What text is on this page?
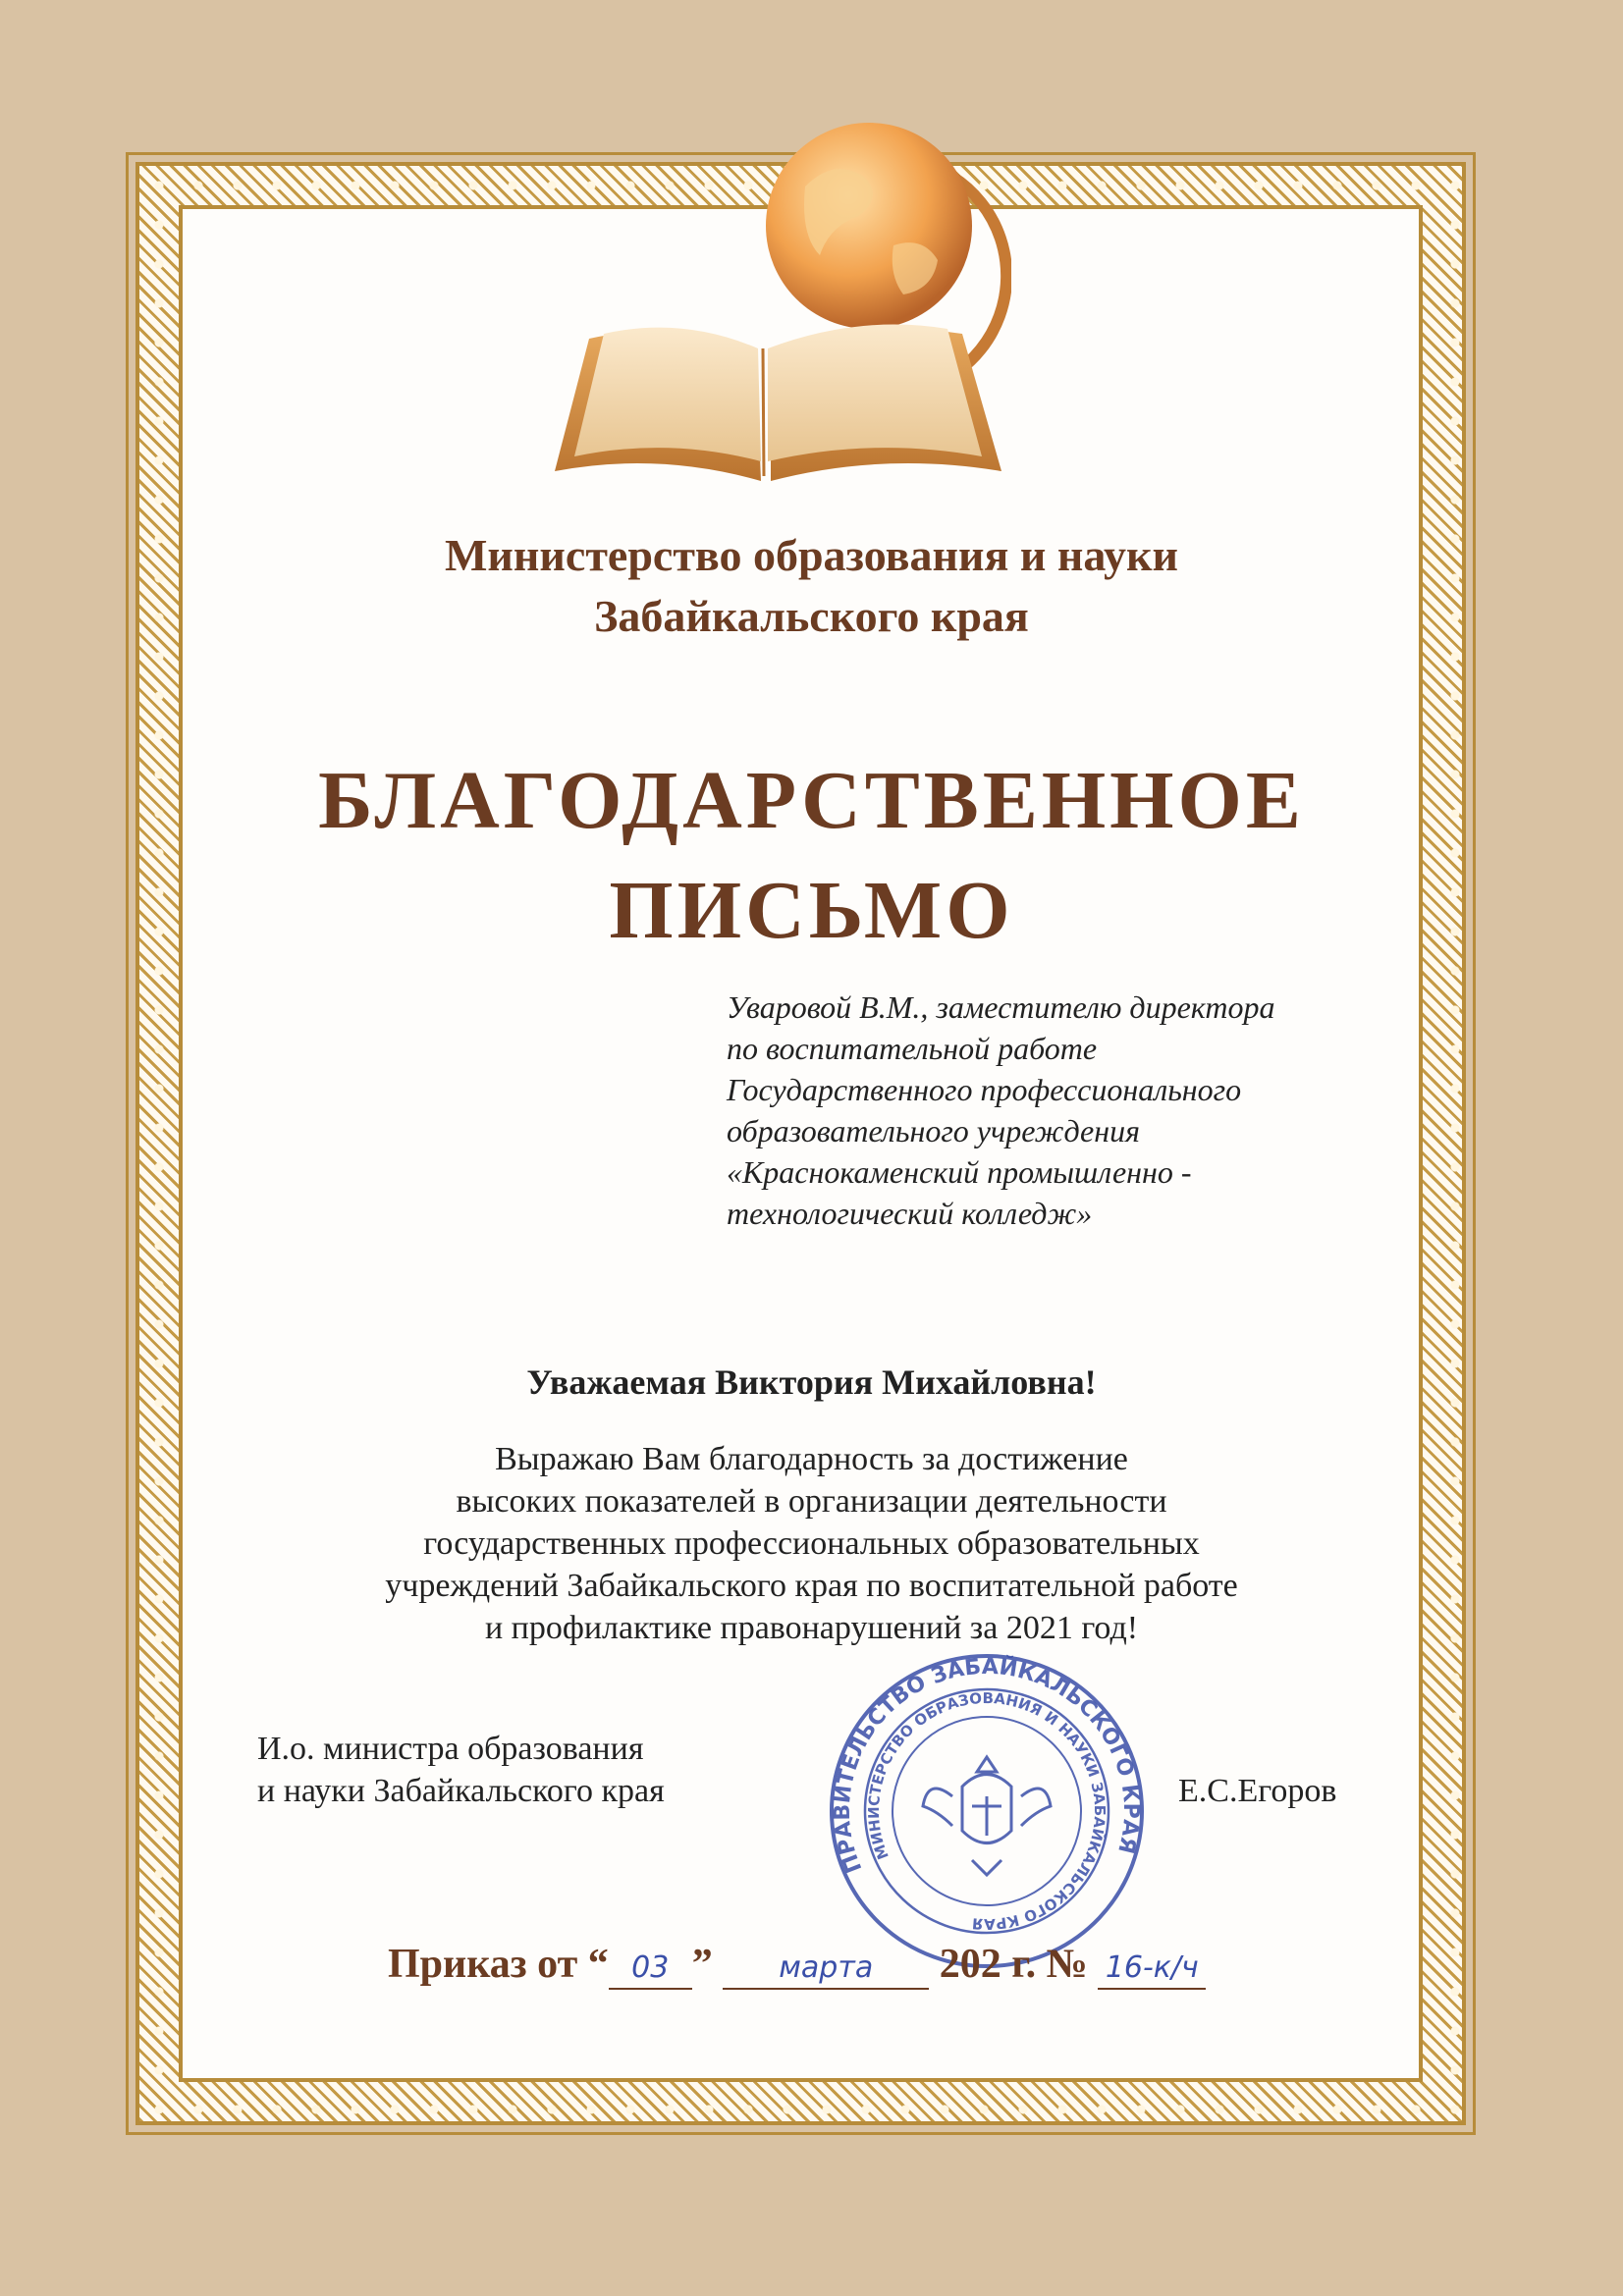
Министерство образования и науки
Забайкальского края
БЛАГОДАРСТВЕННОЕ
ПИСЬМО
Уваровой В.М., заместителю директора
по воспитательной работе
Государственного профессионального
образовательного учреждения
«Краснокаменский промышленно -
технологический колледж»
Уважаемая Виктория Михайловна!
Выражаю Вам благодарность за достижение
высоких показателей в организации деятельности
государственных профессиональных образовательных
учреждений Забайкальского края по воспитательной работе
и профилактике правонарушений за 2021 год!
И.о. министра образования
и науки Забайкальского края	Е.С.Егоров
ПРАВИТЕЛЬСТВО ЗАБАЙКАЛЬСКОГО КРАЯ
МИНИСТЕРСТВО ОБРАЗОВАНИЯ И НАУКИ ЗАБАЙКАЛЬСКОГО КРАЯ
Приказ от “ 03 ” марта 202 г. № 16-к/ч
